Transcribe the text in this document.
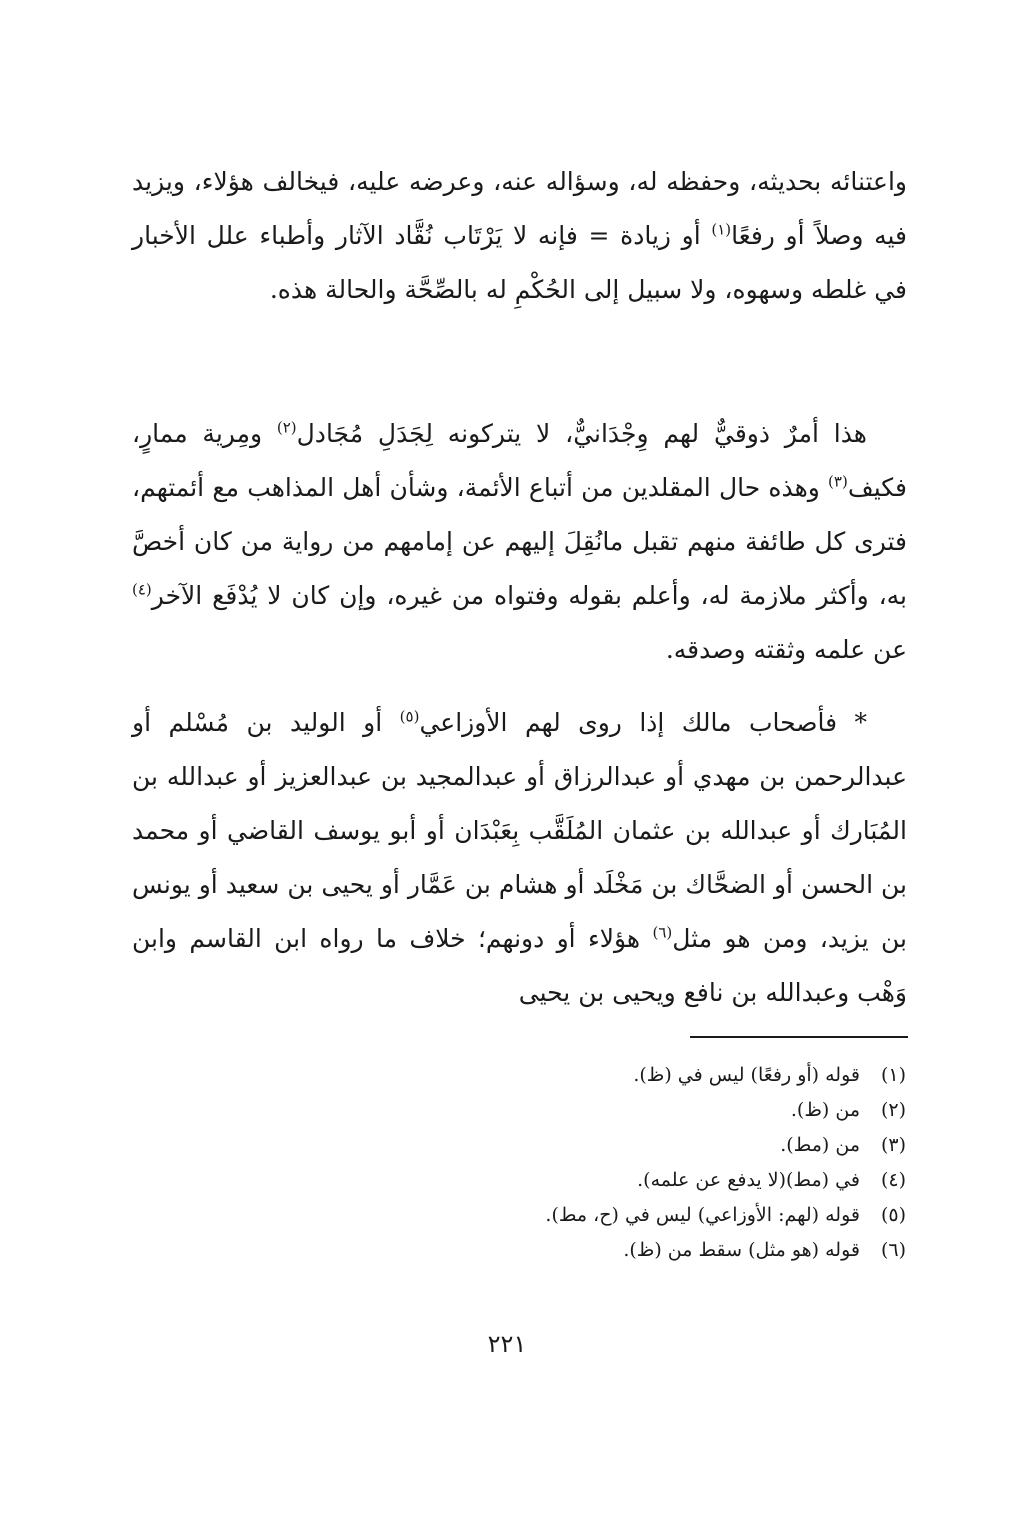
واعتنائه بحديثه، وحفظه له، وسؤاله عنه، وعرضه عليه، فيخالف هؤلاء، ويزيد فيه وصلاً أو رفعًا$^{(١)}$ أو زيادة = فإنه لا يَرْتَاب نُقَّاد الآثار وأطباء علل الأخبار في غلطه وسهوه، ولا سبيل إلى الحُكْمِ له بالصِّحَّة والحالة هذه.

هذا أمرٌ ذوقيٌّ لهم وِجْدَانيٌّ، لا يتركونه لِجَدَلِ مُجَادل$^{(٢)}$ ومِرية ممارٍ، فكيف$^{(٣)}$ وهذه حال المقلدين من أتباع الأئمة، وشأن أهل المذاهب مع أئمتهم، فترى كل طائفة منهم تقبل مانُقِلَ إليهم عن إمامهم من رواية من كان أخصَّ به، وأكثر ملازمة له، وأعلم بقوله وفتواه من غيره، وإن كان لا يُدْفَع الآخر$^{(٤)}$ عن علمه وثقته وصدقه.

* فأصحاب مالك إذا روى لهم الأوزاعي$^{(٥)}$ أو الوليد بن مُسْلم أو عبدالرحمن بن مهدي أو عبدالرزاق أو عبدالمجيد بن عبدالعزيز أو عبدالله بن المُبَارك أو عبدالله بن عثمان المُلَقَّب بِعَبْدَان أو أبو يوسف القاضي أو محمد بن الحسن أو الضحَّاك بن مَخْلَد أو هشام بن عَمَّار أو يحيى بن سعيد أو يونس بن يزيد، ومن هو مثل$^{(٦)}$ هؤلاء أو دونهم؛ خلاف ما رواه ابن القاسم وابن وَهْب وعبدالله بن نافع ويحيى بن يحيى

(١)
قوله (أو رفعًا) ليس في (ظ).
(٢)
من (ظ).
(٣)
من (مط).
(٤)
في (مط)(لا يدفع عن علمه).
(٥)
قوله (لهم: الأوزاعي) ليس في (ح، مط).
(٦)
قوله (هو مثل) سقط من (ظ).
٢٢١
